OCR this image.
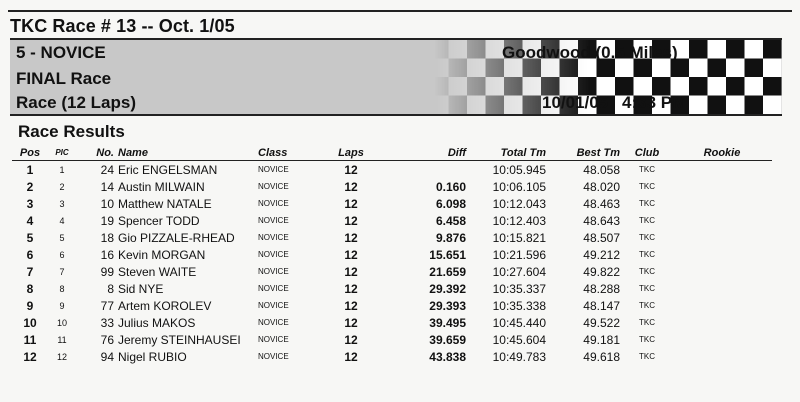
TKC Race # 13 -- Oct. 1/05
5 - NOVICE
FINAL Race
Race (12 Laps)
Goodwood (0.5 Miles)
10/01/05 4:33 PM
Race Results
Pos	PIC	No.	Name	Class	Laps	Diff	Total Tm	Best Tm	Club	Rookie
1	1	24	Eric ENGELSMAN	NOVICE	12		10:05.945	48.058	TKC	
2	2	14	Austin MILWAIN	NOVICE	12	0.160	10:06.105	48.020	TKC	
3	3	10	Matthew NATALE	NOVICE	12	6.098	10:12.043	48.463	TKC	
4	4	19	Spencer TODD	NOVICE	12	6.458	10:12.403	48.643	TKC	
5	5	18	Gio PIZZALE-RHEAD	NOVICE	12	9.876	10:15.821	48.507	TKC	
6	6	16	Kevin MORGAN	NOVICE	12	15.651	10:21.596	49.212	TKC	
7	7	99	Steven WAITE	NOVICE	12	21.659	10:27.604	49.822	TKC	
8	8	8	Sid NYE	NOVICE	12	29.392	10:35.337	48.288	TKC	
9	9	77	Artem KOROLEV	NOVICE	12	29.393	10:35.338	48.147	TKC	
10	10	33	Julius MAKOS	NOVICE	12	39.495	10:45.440	49.522	TKC	
11	11	76	Jeremy STEINHAUSEI	NOVICE	12	39.659	10:45.604	49.181	TKC	
12	12	94	Nigel RUBIO	NOVICE	12	43.838	10:49.783	49.618	TKC	
